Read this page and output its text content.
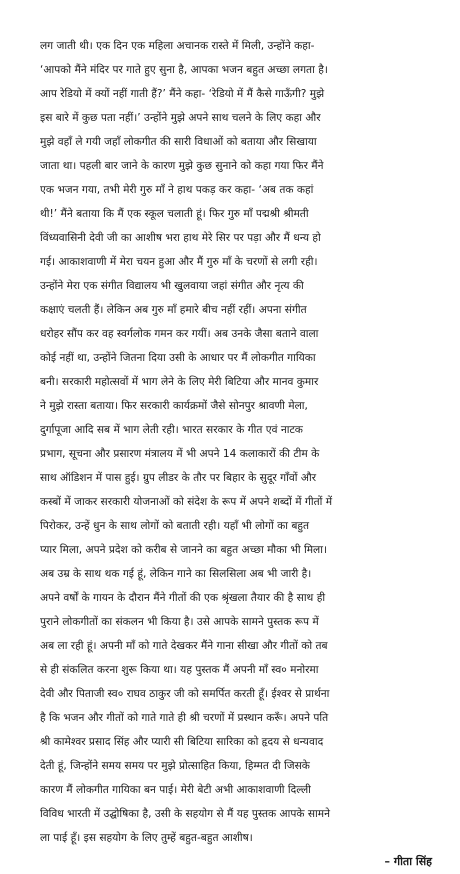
लग जाती थी। एक दिन एक महिला अचानक रास्ते में मिली, उन्होंने कहा-
‘आपको मैंने मंदिर पर गाते हुए सुना है, आपका भजन बहुत अच्छा लगता है।
आप रेडियो में क्यों नहीं गाती हैं?’ मैंने कहा- ‘रेडियो में मैं कैसे गाऊँगी? मुझे
इस बारे में कुछ पता नहीं।’ उन्होंने मुझे अपने साथ चलने के लिए कहा और
मुझे वहाँ ले गयी जहाँ लोकगीत की सारी विधाओं को बताया और सिखाया
जाता था। पहली बार जाने के कारण मुझे कुछ सुनाने को कहा गया फिर मैंने
एक भजन गया, तभी मेरी गुरु माँ ने हाथ पकड़ कर कहा- ‘अब तक कहां
थी!’ मैंने बताया कि मैं एक स्कूल चलाती हूं। फिर गुरु माँ पद्मश्री श्रीमती
विंध्यवासिनी देवी जी का आशीष भरा हाथ मेरे सिर पर पड़ा और मैं धन्य हो
गई। आकाशवाणी में मेरा चयन हुआ और मैं गुरु माँ के चरणों से लगी रही।
उन्होंने मेरा एक संगीत विद्यालय भी खुलवाया जहां संगीत और नृत्य की
कक्षाएं चलती हैं। लेकिन अब गुरु माँ हमारे बीच नहीं रहीं। अपना संगीत
धरोहर सौंप कर वह स्वर्गलोक गमन कर गयीं। अब उनके जैसा बताने वाला
कोई नहीं था, उन्होंने जितना दिया उसी के आधार पर मैं लोकगीत गायिका
बनी। सरकारी महोत्सवों में भाग लेने के लिए मेरी बिटिया और मानव कुमार
ने मुझे रास्ता बताया। फिर सरकारी कार्यक्रमों जैसे सोनपुर श्रावणी मेला,
दुर्गापूजा आदि सब में भाग लेती रही। भारत सरकार के गीत एवं नाटक
प्रभाग, सूचना और प्रसारण मंत्रालय में भी अपने 14 कलाकारों की टीम के
साथ ऑडिशन में पास हुई। ग्रुप लीडर के तौर पर बिहार के सुदूर गाँवों और
कस्बों में जाकर सरकारी योजनाओं को संदेश के रूप में अपने शब्दों में गीतों में
पिरोकर, उन्हें धुन के साथ लोगों को बताती रही। यहाँ भी लोगों का बहुत
प्यार मिला, अपने प्रदेश को करीब से जानने का बहुत अच्छा मौका भी मिला।
अब उम्र के साथ थक गई हूं, लेकिन गाने का सिलसिला अब भी जारी है।
अपने वर्षों के गायन के दौरान मैंने गीतों की एक श्रृंखला तैयार की है साथ ही
पुराने लोकगीतों का संकलन भी किया है। उसे आपके सामने पुस्तक रूप में
अब ला रही हूं। अपनी माँ को गाते देखकर मैंने गाना सीखा और गीतों को तब
से ही संकलित करना शुरू किया था। यह पुस्तक मैं अपनी माँ स्व० मनोरमा
देवी और पिताजी स्व० राघव ठाकुर जी को समर्पित करती हूँ। ईश्वर से प्रार्थना
है कि भजन और गीतों को गाते गाते ही श्री चरणों में प्रस्थान करूँ। अपने पति
श्री कामेश्वर प्रसाद सिंह और प्यारी सी बिटिया सारिका को हृदय से धन्यवाद
देती हूं, जिन्होंने समय समय पर मुझे प्रोत्साहित किया, हिम्मत दी जिसके
कारण मैं लोकगीत गायिका बन पाई। मेरी बेटी अभी आकाशवाणी दिल्ली
विविध भारती में उद्घोषिका है, उसी के सहयोग से मैं यह पुस्तक आपके सामने
ला पाई हूँ। इस सहयोग के लिए तुम्हें बहुत-बहुत आशीष।
– गीता सिंह
